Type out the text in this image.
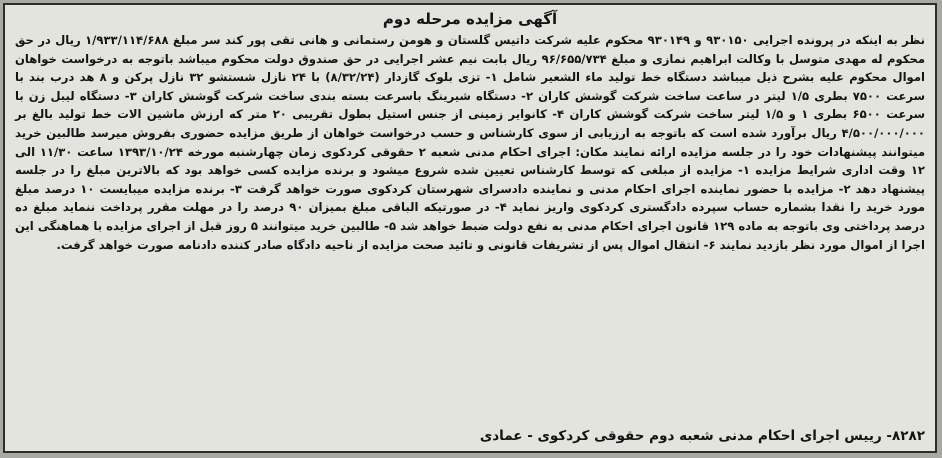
آگهی مزایده مرحله دوم

نظر به اینکه در پرونده اجرایی ۹۳۰۱۵۰ و ۹۳۰۱۴۹ محکوم علیه شرکت داتیس گلستان و هومن رستمانی و هانی تقی پور کند سر مبلغ ۱/۹۳۳/۱۱۴/۶۸۸ ریال در حق محکوم له مهدی متوسل با وکالت ابراهیم نمازی و مبلغ ۹۶/۶۵۵/۷۳۴ ریال بابت نیم عشر اجرایی در حق صندوق دولت محکوم میباشد باتوجه به درخواست خواهان اموال محکوم علیه بشرح ذیل میباشد دستگاه خط تولید ماء الشعیر شامل ۱- تزی بلوک گازدار (۸/۳۲/۲۴) با ۲۴ نازل شستشو ۳۲ نازل پرکن و ۸ هد درب بند با سرعت ۷۵۰۰ بطری ۱/۵ لیتر در ساعت ساخت شرکت گوشش کاران ۲- دستگاه شیرینگ باسرعت بسته بندی ساخت شرکت گوشش کاران ۳- دستگاه لیبل زن با سرعت ۶۵۰۰ بطری ۱ و ۱/۵ لیتر ساخت شرکت گوشش کاران ۴- کانوایر زمینی از جنس استیل بطول تقریبی ۲۰ متر که ارزش ماشین الات خط تولید بالغ بر ۴/۵۰۰/۰۰۰/۰۰۰ ریال برآورد شده است که باتوجه به ارزیابی از سوی کارشناس و حسب درخواست خواهان از طریق مزایده حضوری بفروش میرسد طالبین خرید میتوانند پیشنهادات خود را در جلسه مزایده ارائه نمایند مکان: اجرای احکام مدنی شعبه ۲ حقوقی کردکوی زمان چهارشنبه مورخه ۱۳۹۳/۱۰/۲۴ ساعت ۱۱/۳۰ الی ۱۲ وقت اداری شرایط مزایده ۱- مزایده از مبلغی که توسط کارشناس تعیین شده شروع میشود و برنده مزایده کسی خواهد بود که بالاترین مبلغ را در جلسه پیشنهاد دهد ۲- مزایده با حضور نماینده اجرای احکام مدنی و نماینده دادسرای شهرستان کردکوی صورت خواهد گرفت ۳- برنده مزایده میبایست ۱۰ درصد مبلغ مورد خرید را نقدا بشماره حساب سپرده دادگستری کردکوی واریز نماید ۴- در صورتیکه الباقی مبلغ بمیزان ۹۰ درصد را در مهلت مقرر پرداخت ننماید مبلغ ده درصد پرداختی وی باتوجه به ماده ۱۲۹ قانون اجرای احکام مدنی به نفع دولت ضبط خواهد شد ۵- طالبین خرید میتوانند ۵ روز قبل از اجرای مزایده با هماهنگی این اجرا از اموال مورد نظر بازدید نمایند ۶- انتقال اموال پس از تشریفات قانونی و تائید صحت مزایده از ناحیه دادگاه صادر کننده دادنامه صورت خواهد گرفت.

۸۲۸۲- رییس اجرای احکام مدنی شعبه دوم حقوقی کردکوی - عمادی
